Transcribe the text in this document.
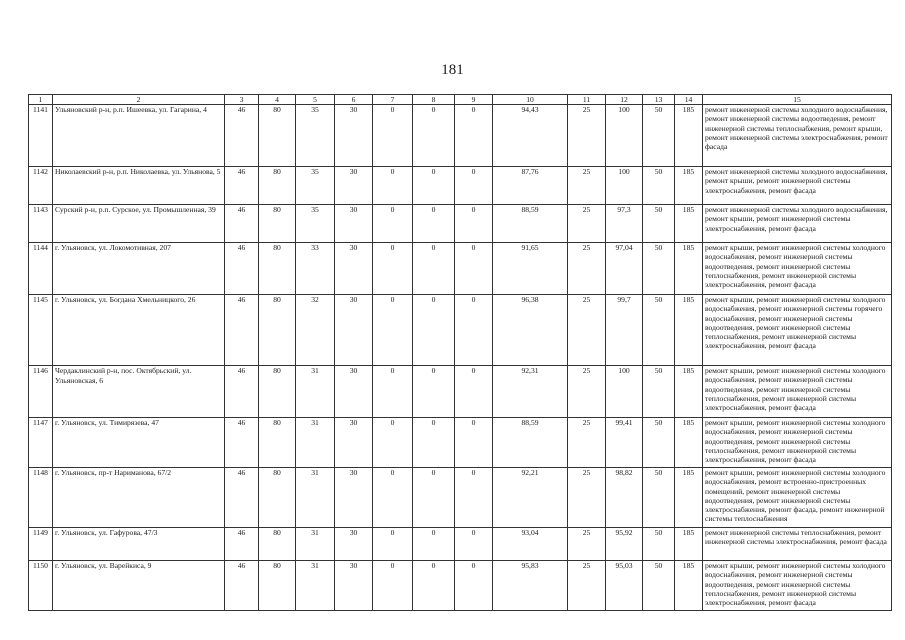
181
1	2	3	4	5	6	7	8	9	10	11	12	13	14	15
1141	Ульяновский р-н, р.п. Ишеевка, ул. Гагарина, 4	46	80	35	30	0	0	0	94,43	25	100	50	185	ремонт инженерной системы холодного водоснабжения, ремонт инженерной системы водоотведения, ремонт инженерной системы теплоснабжения, ремонт крыши, ремонт инженерной системы электроснабжения, ремонт фасада
1142	Николаевский р-н, р.п. Николаевка, ул. Ульянова, 5	46	80	35	30	0	0	0	87,76	25	100	50	185	ремонт инженерной системы холодного водоснабжения, ремонт крыши, ремонт инженерной системы электроснабжения, ремонт фасада
1143	Сурский р-н, р.п. Сурское, ул. Промышленная, 39	46	80	35	30	0	0	0	88,59	25	97,3	50	185	ремонт инженерной системы холодного водоснабжения, ремонт крыши, ремонт инженерной системы электроснабжения, ремонт фасада
1144	г. Ульяновск, ул. Локомотивная, 207	46	80	33	30	0	0	0	91,65	25	97,04	50	185	ремонт крыши, ремонт инженерной системы холодного водоснабжения, ремонт инженерной системы водоотведения, ремонт инженерной системы теплоснабжения, ремонт инженерной системы электроснабжения, ремонт фасада
1145	г. Ульяновск, ул. Богдана Хмельницкого, 26	46	80	32	30	0	0	0	96,38	25	99,7	50	185	ремонт крыши, ремонт инженерной системы холодного водоснабжения, ремонт инженерной системы горячего водоснабжения, ремонт инженерной системы водоотведения, ремонт инженерной системы теплоснабжения, ремонт инженерной системы электроснабжения, ремонт фасада
1146	Чердаклинский р-н, пос. Октябрьский, ул. Ульяновская, 6	46	80	31	30	0	0	0	92,31	25	100	50	185	ремонт крыши, ремонт инженерной системы холодного водоснабжения, ремонт инженерной системы водоотведения, ремонт инженерной системы теплоснабжения, ремонт инженерной системы электроснабжения, ремонт фасада
1147	г. Ульяновск, ул. Тимирязева, 47	46	80	31	30	0	0	0	88,59	25	99,41	50	185	ремонт крыши, ремонт инженерной системы холодного водоснабжения, ремонт инженерной системы водоотведения, ремонт инженерной системы теплоснабжения, ремонт инженерной системы электроснабжения, ремонт фасада
1148	г. Ульяновск, пр-т Нариманова, 67/2	46	80	31	30	0	0	0	92,21	25	98,82	50	185	ремонт крыши, ремонт инженерной системы холодного водоснабжения, ремонт встроенно-пристроенных помещений, ремонт инженерной системы водоотведения, ремонт инженерной системы электроснабжения, ремонт фасада, ремонт инженерной системы теплоснабжения
1149	г. Ульяновск, ул. Гафурова, 47/3	46	80	31	30	0	0	0	93,04	25	95,92	50	185	ремонт инженерной системы теплоснабжения, ремонт инженерной системы электроснабжения, ремонт фасада
1150	г. Ульяновск, ул. Варейкиса, 9	46	80	31	30	0	0	0	95,83	25	95,03	50	185	ремонт крыши, ремонт инженерной системы холодного водоснабжения, ремонт инженерной системы водоотведения, ремонт инженерной системы теплоснабжения, ремонт инженерной системы электроснабжения, ремонт фасада
